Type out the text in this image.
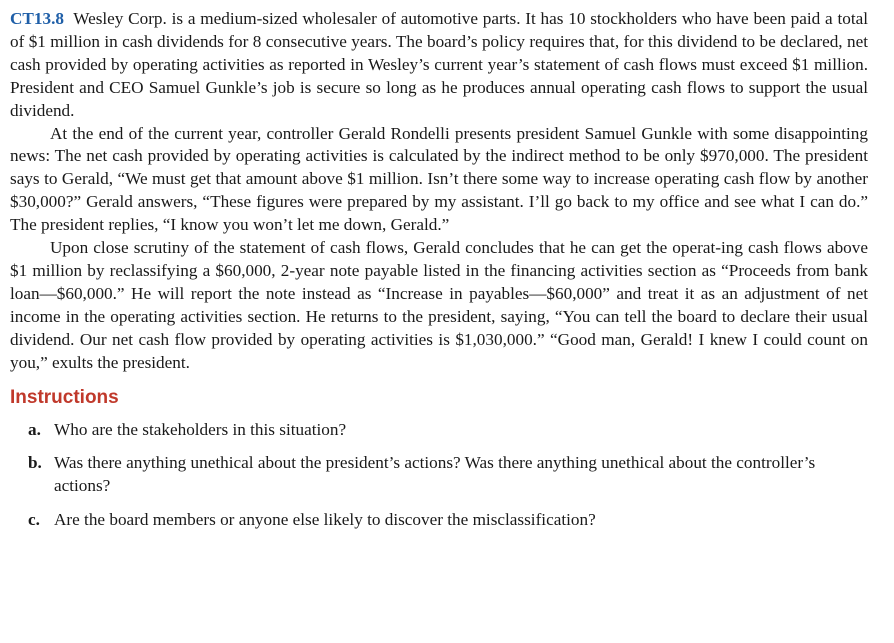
CT13.8 Wesley Corp. is a medium-sized wholesaler of automotive parts. It has 10 stockholders who have been paid a total of $1 million in cash dividends for 8 consecutive years. The board’s policy requires that, for this dividend to be declared, net cash provided by operating activities as reported in Wesley’s current year’s statement of cash flows must exceed $1 million. President and CEO Samuel Gunkle’s job is secure so long as he produces annual operating cash flows to support the usual dividend.

At the end of the current year, controller Gerald Rondelli presents president Samuel Gunkle with some disappointing news: The net cash provided by operating activities is calculated by the indirect method to be only $970,000. The president says to Gerald, “We must get that amount above $1 million. Isn’t there some way to increase operating cash flow by another $30,000?” Gerald answers, “These figures were prepared by my assistant. I’ll go back to my office and see what I can do.” The president replies, “I know you won’t let me down, Gerald.”

Upon close scrutiny of the statement of cash flows, Gerald concludes that he can get the operat-ing cash flows above $1 million by reclassifying a $60,000, 2-year note payable listed in the financing activities section as “Proceeds from bank loan—$60,000.” He will report the note instead as “Increase in payables—$60,000” and treat it as an adjustment of net income in the operating activities section. He returns to the president, saying, “You can tell the board to declare their usual dividend. Our net cash flow provided by operating activities is $1,030,000.” “Good man, Gerald! I knew I could count on you,” exults the president.

Instructions
a. Who are the stakeholders in this situation?
b. Was there anything unethical about the president’s actions? Was there anything unethical about the controller’s actions?
c. Are the board members or anyone else likely to discover the misclassification?
